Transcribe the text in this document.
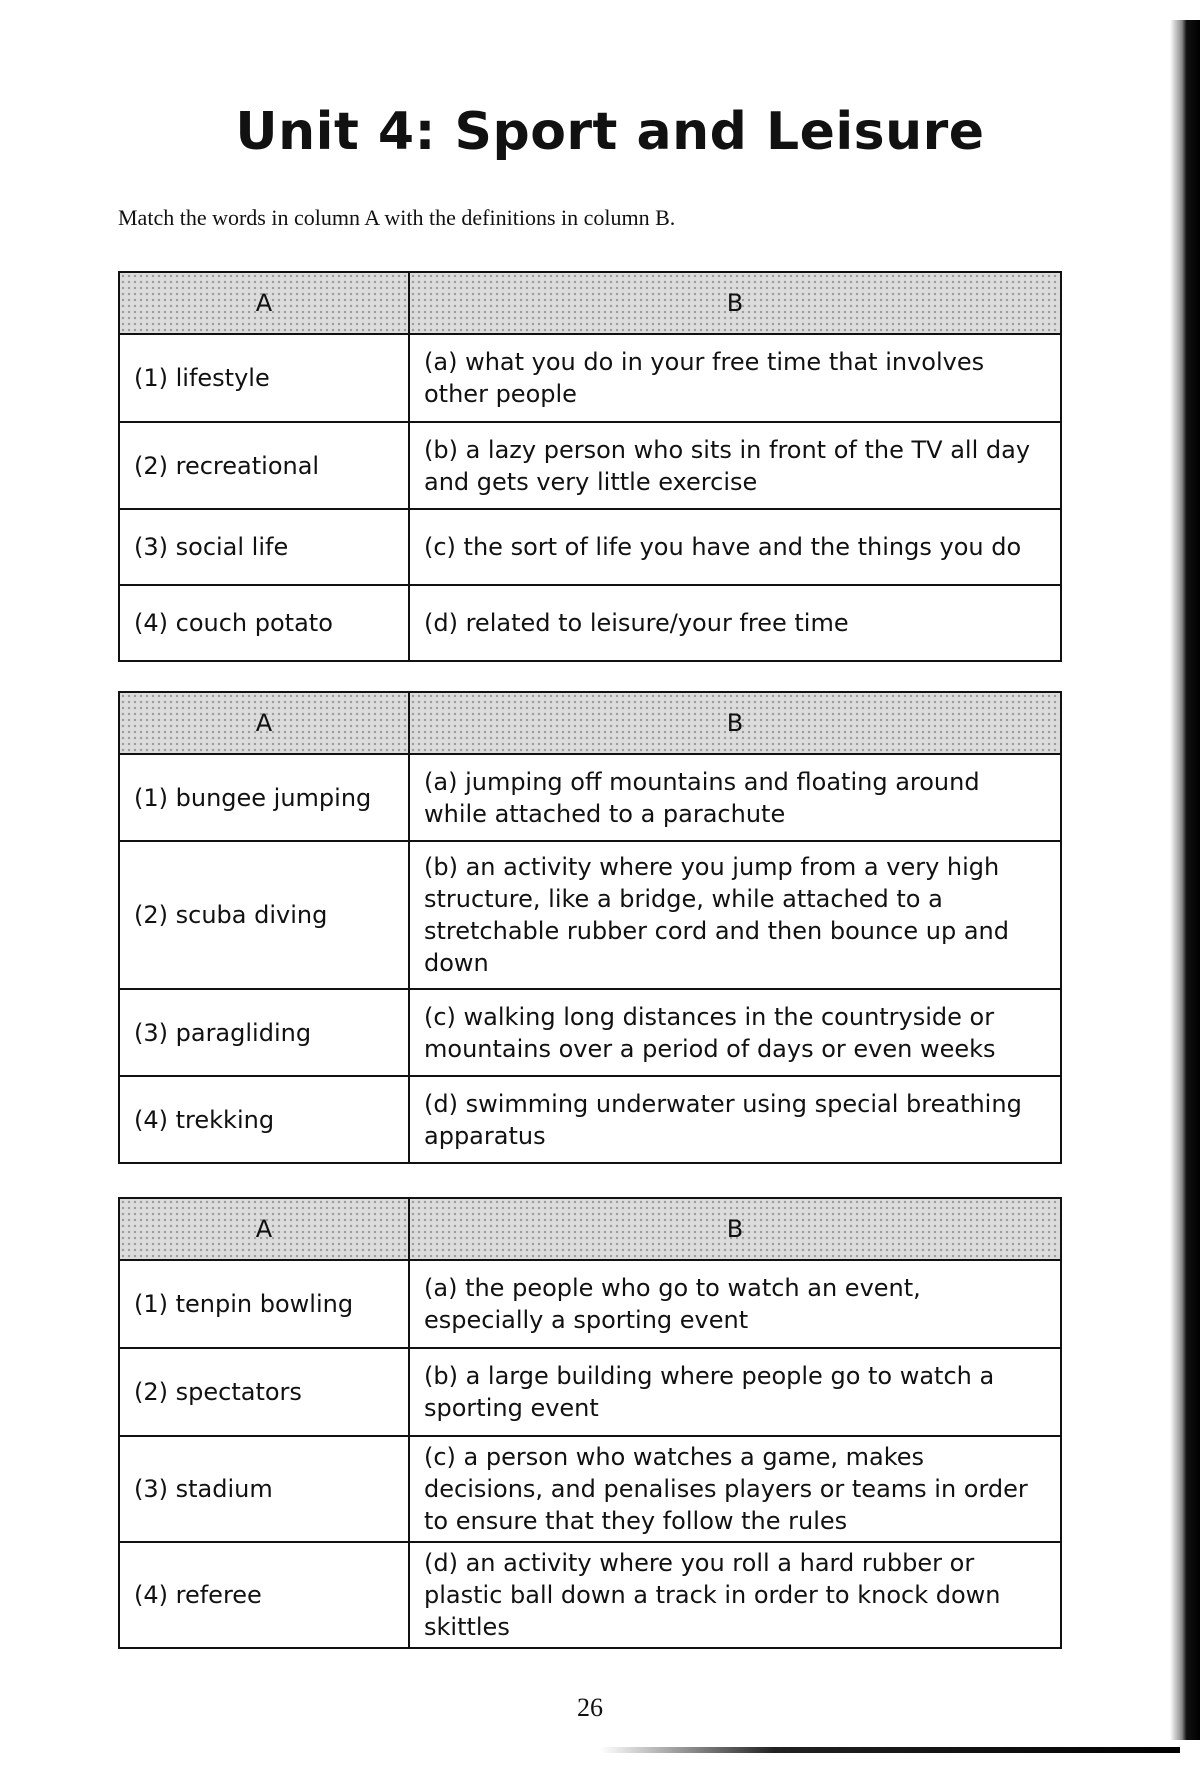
Unit 4: Sport and Leisure
Match the words in column A with the definitions in column B.
A	B
(1) lifestyle	(a) what you do in your free time that involves other people
(2) recreational	(b) a lazy person who sits in front of the TV all day and gets very little exercise
(3) social life	(c) the sort of life you have and the things you do
(4) couch potato	(d) related to leisure/your free time
A	B
(1) bungee jumping	(a) jumping off mountains and floating around while attached to a parachute
(2) scuba diving	(b) an activity where you jump from a very high structure, like a bridge, while attached to a stretchable rubber cord and then bounce up and down
(3) paragliding	(c) walking long distances in the countryside or mountains over a period of days or even weeks
(4) trekking	(d) swimming underwater using special breathing apparatus
A	B
(1) tenpin bowling	(a) the people who go to watch an event, especially a sporting event
(2) spectators	(b) a large building where people go to watch a sporting event
(3) stadium	(c) a person who watches a game, makes decisions, and penalises players or teams in order to ensure that they follow the rules
(4) referee	(d) an activity where you roll a hard rubber or plastic ball down a track in order to knock down skittles
26
